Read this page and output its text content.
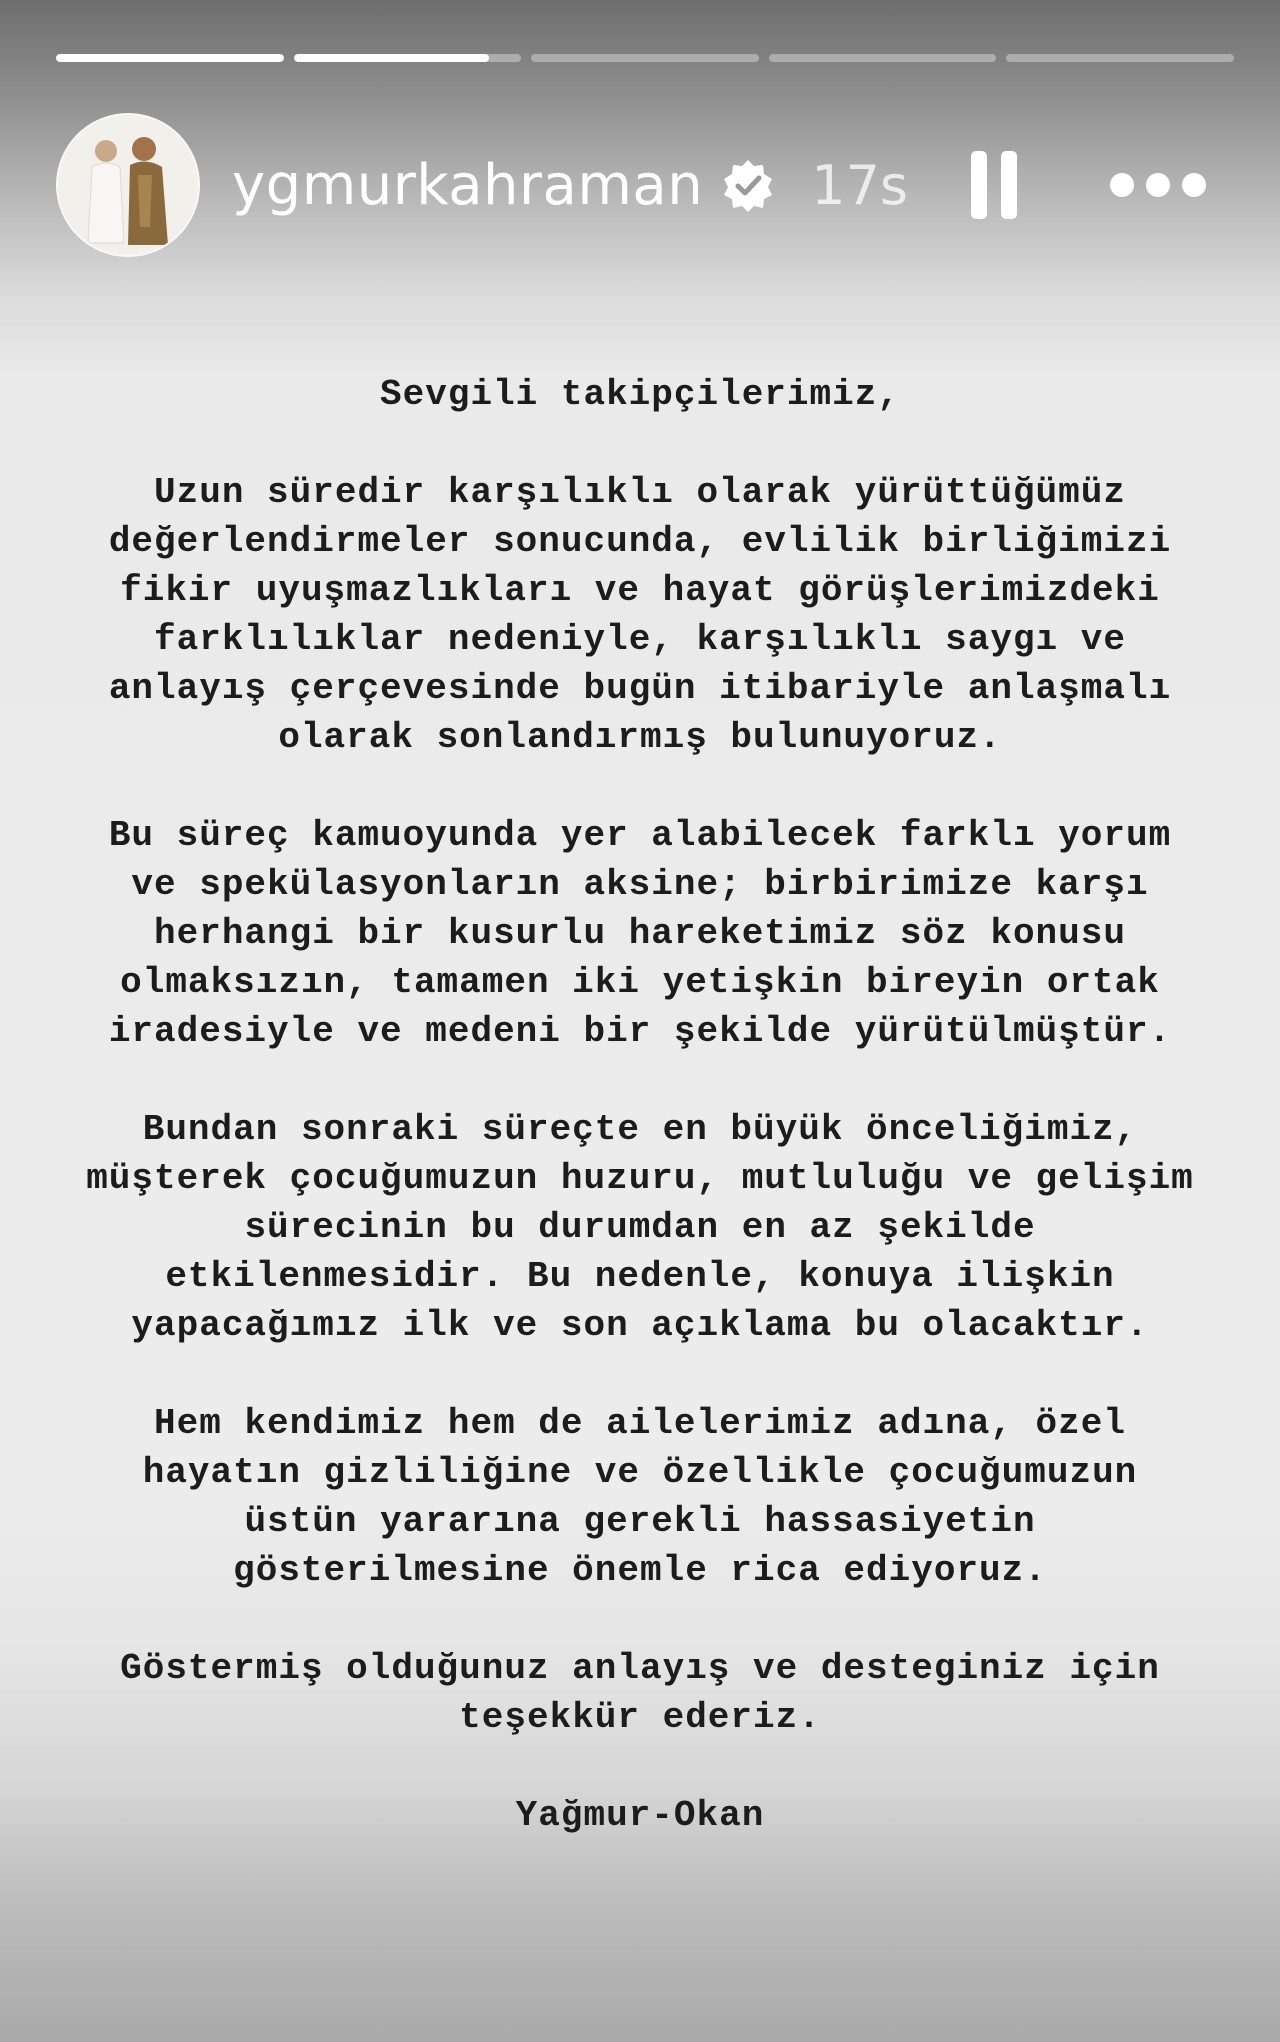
ygmurkahraman 17s
Sevgili takipçilerimiz,
Uzun süredir karşılıklı olarak yürüttüğümüz
değerlendirmeler sonucunda, evlilik birliğimizi
fikir uyuşmazlıkları ve hayat görüşlerimizdeki
farklılıklar nedeniyle, karşılıklı saygı ve
anlayış çerçevesinde bugün itibariyle anlaşmalı
olarak sonlandırmış bulunuyoruz.
Bu süreç kamuoyunda yer alabilecek farklı yorum
ve spekülasyonların aksine; birbirimize karşı
herhangi bir kusurlu hareketimiz söz konusu
olmaksızın, tamamen iki yetişkin bireyin ortak
iradesiyle ve medeni bir şekilde yürütülmüştür.
Bundan sonraki süreçte en büyük önceliğimiz,
müşterek çocuğumuzun huzuru, mutluluğu ve gelişim
sürecinin bu durumdan en az şekilde
etkilenmesidir. Bu nedenle, konuya ilişkin
yapacağımız ilk ve son açıklama bu olacaktır.
Hem kendimiz hem de ailelerimiz adına, özel
hayatın gizliliğine ve özellikle çocuğumuzun
üstün yararına gerekli hassasiyetin
gösterilmesine önemle rica ediyoruz.
Göstermiş olduğunuz anlayış ve desteginiz için
teşekkür ederiz.
Yağmur-Okan
